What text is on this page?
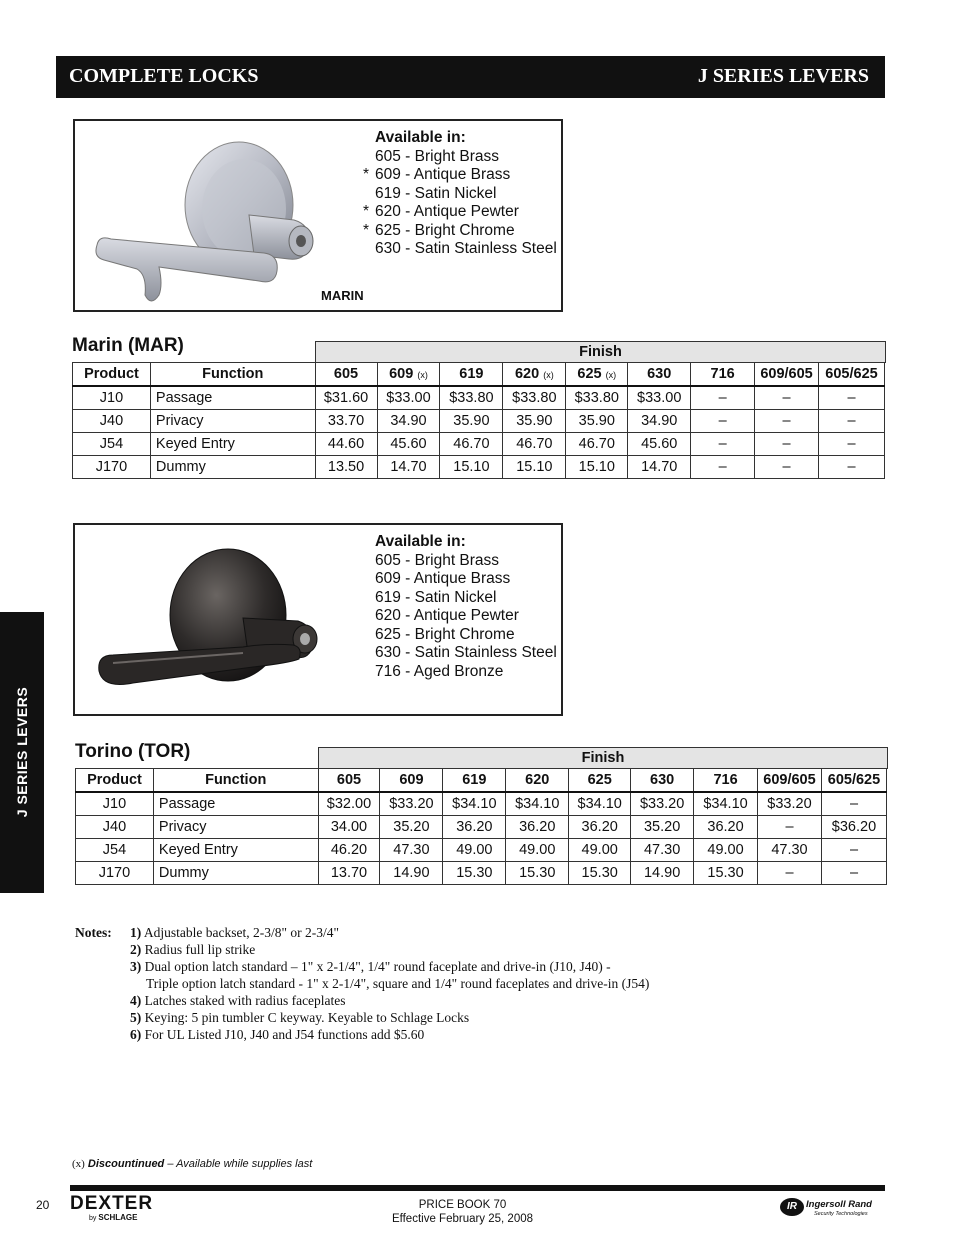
COMPLETE LOCKS	J SERIES LEVERS
J SERIES LEVERS
Available in:
605 - Bright Brass
* 609 - Antique Brass
619 - Satin Nickel
* 620 - Antique Pewter
* 625 - Bright Chrome
630 - Satin Stainless Steel
MARIN
Marin (MAR)	Finish
Product	Function	605	609 (x)	619	620 (x)	625 (x)	630	716	609/605	605/625
J10	Passage	$31.60	$33.00	$33.80	$33.80	$33.80	$33.00	–	–	–
J40	Privacy	33.70	34.90	35.90	35.90	35.90	34.90	–	–	–
J54	Keyed Entry	44.60	45.60	46.70	46.70	46.70	45.60	–	–	–
J170	Dummy	13.50	14.70	15.10	15.10	15.10	14.70	–	–	–
Available in:
605 - Bright Brass
609 - Antique Brass
619 - Satin Nickel
620 - Antique Pewter
625 - Bright Chrome
630 - Satin Stainless Steel
716 - Aged Bronze
Torino (TOR)	Finish
Product	Function	605	609	619	620	625	630	716	609/605	605/625
J10	Passage	$32.00	$33.20	$34.10	$34.10	$34.10	$33.20	$34.10	$33.20	–
J40	Privacy	34.00	35.20	36.20	36.20	36.20	35.20	36.20	–	$36.20
J54	Keyed Entry	46.20	47.30	49.00	49.00	49.00	47.30	49.00	47.30	–
J170	Dummy	13.70	14.90	15.30	15.30	15.30	14.90	15.30	–	–
Notes: 1) Adjustable backset, 2-3/8" or 2-3/4"
2) Radius full lip strike
3) Dual option latch standard – 1" x 2-1/4", 1/4" round faceplate and drive-in (J10, J40) -
Triple option latch standard - 1" x 2-1/4", square and 1/4" round faceplates and drive-in (J54)
4) Latches staked with radius faceplates
5) Keying: 5 pin tumbler C keyway. Keyable to Schlage Locks
6) For UL Listed J10, J40 and J54 functions add $5.60
(x) Discountinued – Available while supplies last
20 DEXTER
by SCHLAGE
PRICE BOOK 70
Effective February 25, 2008
IR Ingersoll Rand
Security Technologies
